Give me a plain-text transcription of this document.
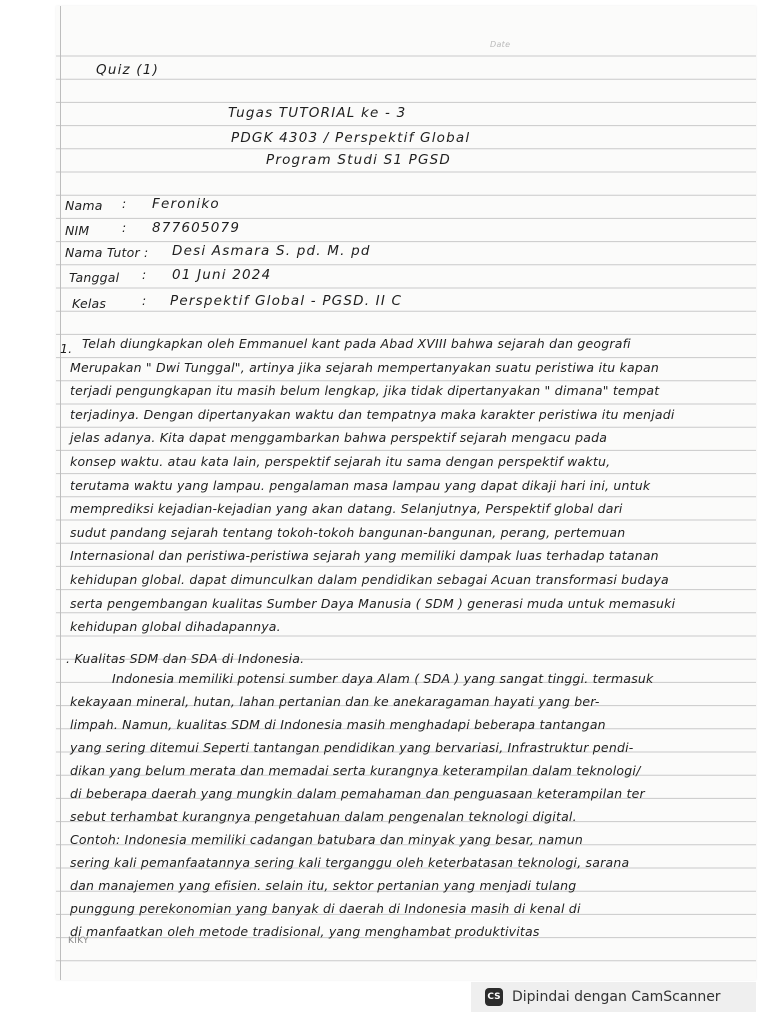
Date
Quiz (1)
Tugas TUTORIAL ke - 3
PDGK 4303 / Perspektif Global
Program Studi S1 PGSD
Nama : Feroniko
NIM	: 877605079
Nama Tutor : Desi Asmara S. pd. M. pd
Tanggal : 01 Juni 2024
Kelas	: Perspektif Global - PGSD. II C
1. Telah diungkapkan oleh Emmanuel kant pada Abad XVIII bahwa sejarah dan geografi
Merupakan " Dwi Tunggal", artinya jika sejarah mempertanyakan suatu peristiwa itu kapan
terjadi pengungkapan itu masih belum lengkap, jika tidak dipertanyakan " dimana" tempat
terjadinya. Dengan dipertanyakan waktu dan tempatnya maka karakter peristiwa itu menjadi
jelas adanya. Kita dapat menggambarkan bahwa perspektif sejarah mengacu pada
konsep waktu. atau kata lain, perspektif sejarah itu sama dengan perspektif waktu,
terutama waktu yang lampau. pengalaman masa lampau yang dapat dikaji hari ini, untuk
memprediksi kejadian-kejadian yang akan datang. Selanjutnya, Perspektif global dari
sudut pandang sejarah tentang tokoh-tokoh bangunan-bangunan, perang, pertemuan
Internasional dan peristiwa-peristiwa sejarah yang memiliki dampak luas terhadap tatanan
kehidupan global. dapat dimunculkan dalam pendidikan sebagai Acuan transformasi budaya
serta pengembangan kualitas Sumber Daya Manusia ( SDM ) generasi muda untuk memasuki
kehidupan global dihadapannya.
. Kualitas SDM dan SDA di Indonesia.
Indonesia memiliki potensi sumber daya Alam ( SDA ) yang sangat tinggi. termasuk
kekayaan mineral, hutan, lahan pertanian dan ke anekaragaman hayati yang ber-
limpah. Namun, kualitas SDM di Indonesia masih menghadapi beberapa tantangan
yang sering ditemui Seperti tantangan pendidikan yang bervariasi, Infrastruktur pendi-
dikan yang belum merata dan memadai serta kurangnya keterampilan dalam teknologi/
di beberapa daerah yang mungkin dalam pemahaman dan penguasaan keterampilan ter
sebut terhambat kurangnya pengetahuan dalam pengenalan teknologi digital.
Contoh: Indonesia memiliki cadangan batubara dan minyak yang besar, namun
sering kali pemanfaatannya sering kali terganggu oleh keterbatasan teknologi, sarana
dan manajemen yang efisien. selain itu, sektor pertanian yang menjadi tulang
punggung perekonomian yang banyak di daerah di Indonesia masih di kenal di
di manfaatkan oleh metode tradisional, yang menghambat produktivitas
KIKY
CS Dipindai dengan CamScanner
